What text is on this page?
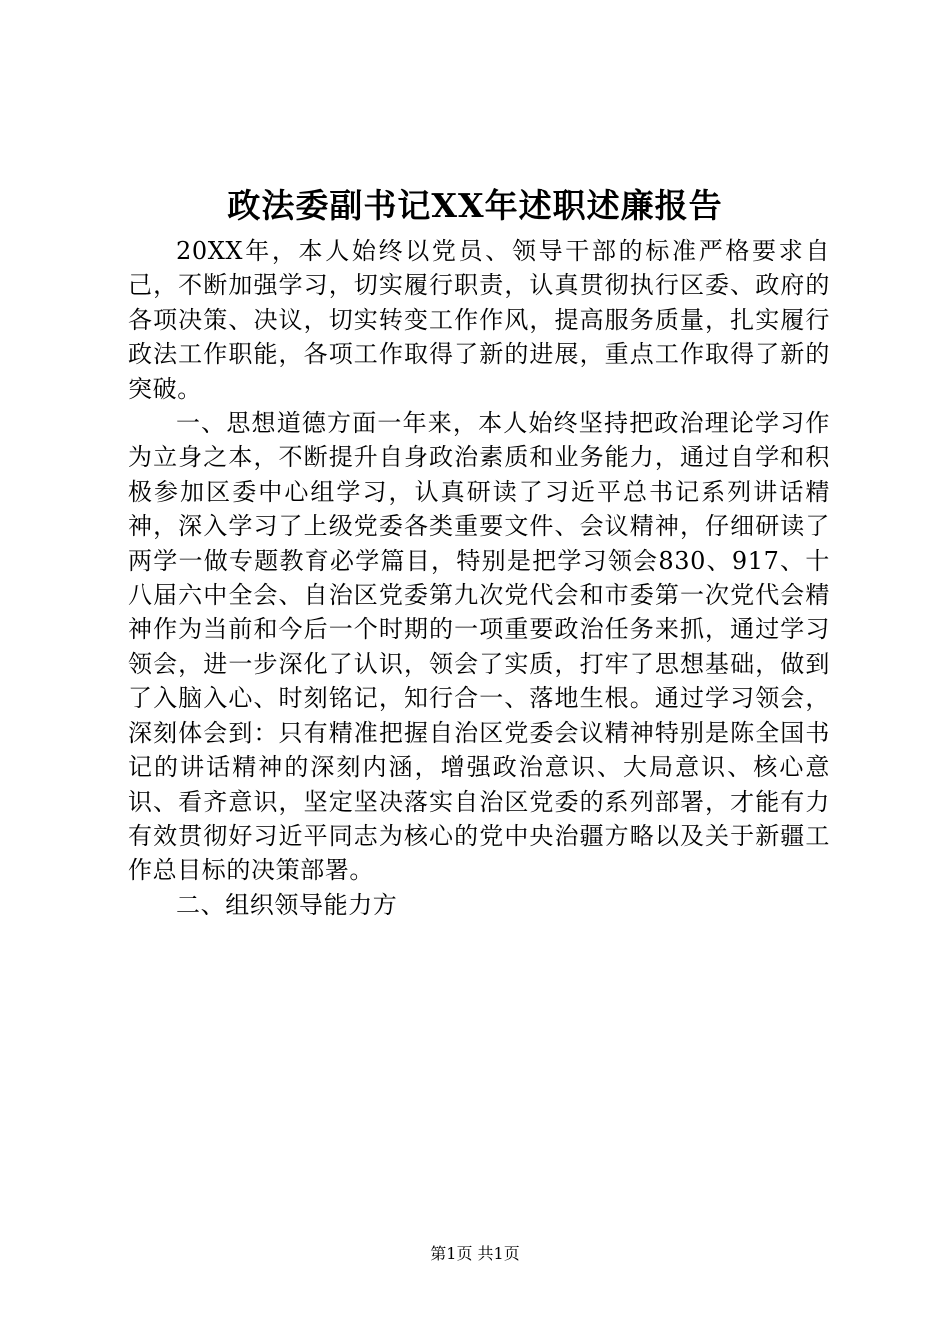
政法委副书记XX年述职述廉报告

20XX年，本人始终以党员、领导干部的标准严格要求自己，不断加强学习，切实履行职责，认真贯彻执行区委、政府的各项决策、决议，切实转变工作作风，提高服务质量，扎实履行政法工作职能，各项工作取得了新的进展，重点工作取得了新的突破。

一、思想道德方面一年来，本人始终坚持把政治理论学习作为立身之本，不断提升自身政治素质和业务能力，通过自学和积极参加区委中心组学习，认真研读了习近平总书记系列讲话精神，深入学习了上级党委各类重要文件、会议精神，仔细研读了两学一做专题教育必学篇目，特别是把学习领会830、917、十八届六中全会、自治区党委第九次党代会和市委第一次党代会精神作为当前和今后一个时期的一项重要政治任务来抓，通过学习领会，进一步深化了认识，领会了实质，打牢了思想基础，做到了入脑入心、时刻铭记，知行合一、落地生根。通过学习领会，深刻体会到：只有精准把握自治区党委会议精神特别是陈全国书记的讲话精神的深刻内涵，增强政治意识、大局意识、核心意识、看齐意识，坚定坚决落实自治区党委的系列部署，才能有力有效贯彻好习近平同志为核心的党中央治疆方略以及关于新疆工作总目标的决策部署。

二、组织领导能力方

第1页 共1页
